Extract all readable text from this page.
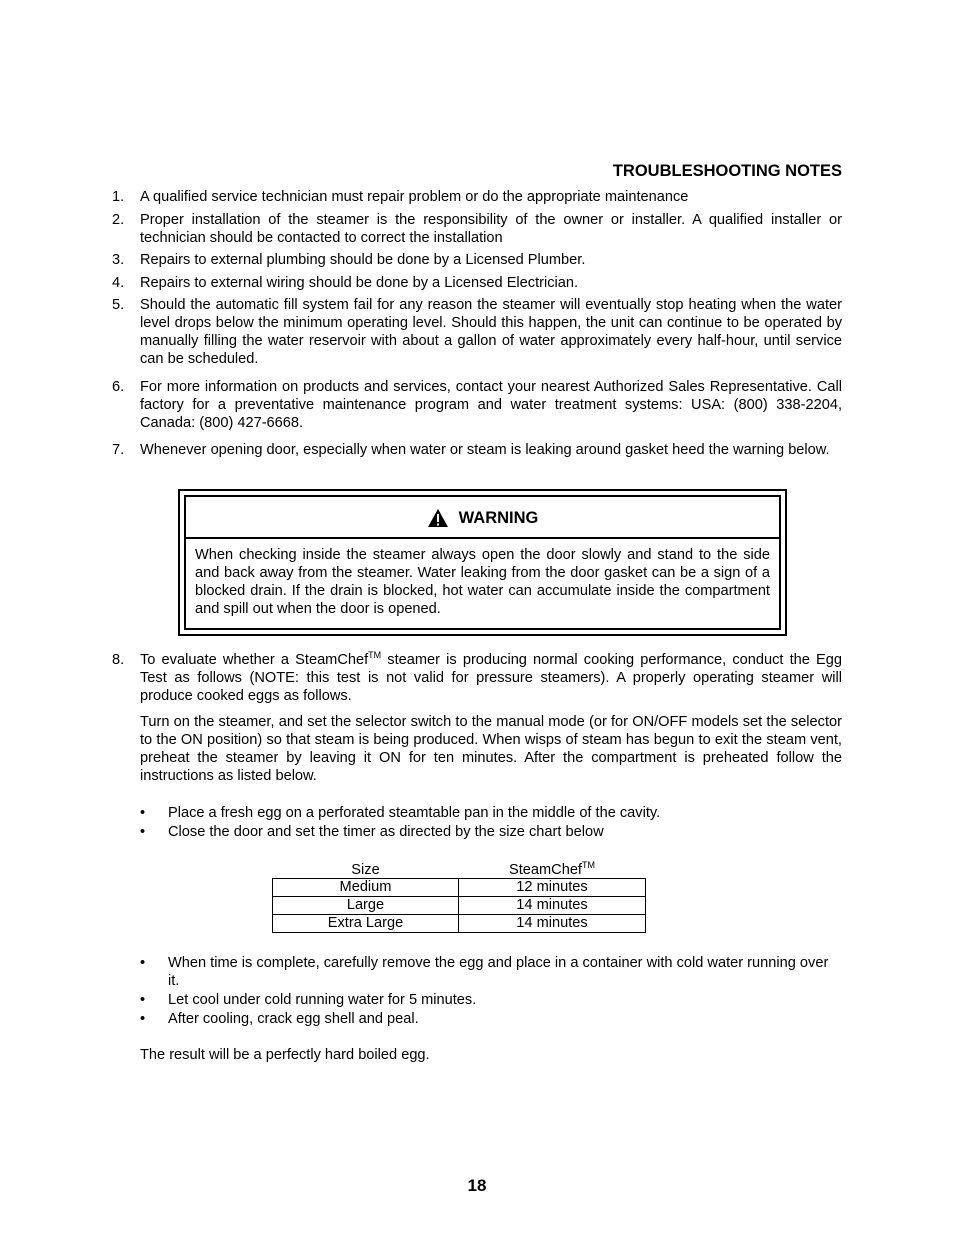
TROUBLESHOOTING NOTES
1.	A qualified service technician must repair problem or do the appropriate maintenance
2.	Proper installation of the steamer is the responsibility of the owner or installer. A qualified installer or technician should be contacted to correct the installation
3.	Repairs to external plumbing should be done by a Licensed Plumber.
4.	Repairs to external wiring should be done by a Licensed Electrician.
5.	Should the automatic fill system fail for any reason the steamer will eventually stop heating when the water level drops below the minimum operating level. Should this happen, the unit can continue to be operated by manually filling the water reservoir with about a gallon of water approximately every half-hour, until service can be scheduled.
6.	For more information on products and services, contact your nearest Authorized Sales Representative. Call factory for a preventative maintenance program and water treatment systems: USA: (800) 338-2204, Canada: (800) 427-6668.
7.	Whenever opening door, especially when water or steam is leaking around gasket heed the warning below.
WARNING
When checking inside the steamer always open the door slowly and stand to the side and back away from the steamer. Water leaking from the door gasket can be a sign of a blocked drain. If the drain is blocked, hot water can accumulate inside the compartment and spill out when the door is opened.
8.	To evaluate whether a SteamChef™ steamer is producing normal cooking performance, conduct the Egg Test as follows (NOTE: this test is not valid for pressure steamers). A properly operating steamer will produce cooked eggs as follows.
Turn on the steamer, and set the selector switch to the manual mode (or for ON/OFF models set the selector to the ON position) so that steam is being produced. When wisps of steam has begun to exit the steam vent, preheat the steamer by leaving it ON for ten minutes. After the compartment is preheated follow the instructions as listed below.
• Place a fresh egg on a perforated steamtable pan in the middle of the cavity.
• Close the door and set the timer as directed by the size chart below
Size	SteamChef™
Medium	12 minutes
Large	14 minutes
Extra Large	14 minutes
• When time is complete, carefully remove the egg and place in a container with cold water running over it.
• Let cool under cold running water for 5 minutes.
• After cooling, crack egg shell and peal.
The result will be a perfectly hard boiled egg.
18
